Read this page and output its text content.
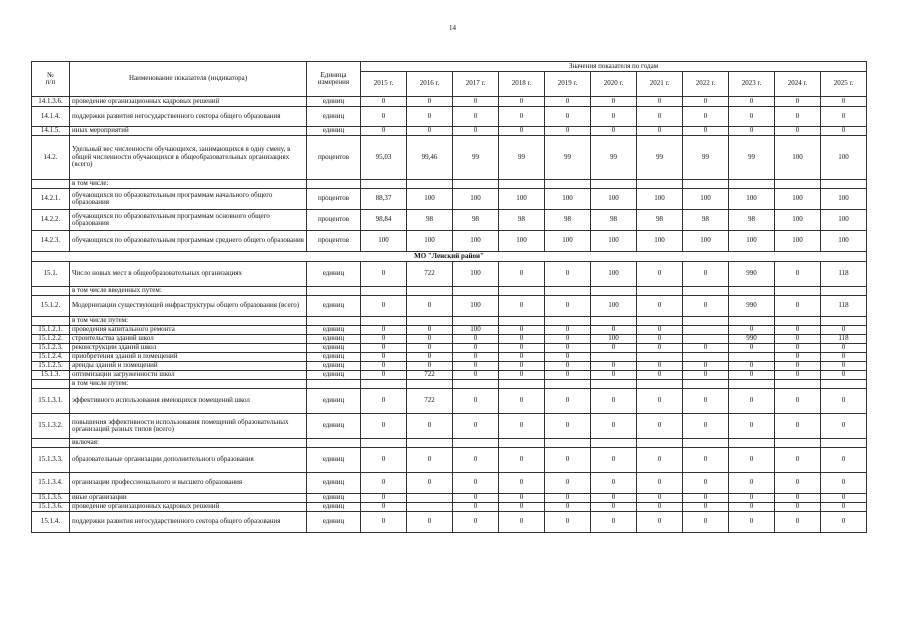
14
№
п/п	Наименование показателя (индикатора)	Единица
измерения	Значения показателя по годам										
			2015 г.	2016 г.	2017 г.	2018 г.	2019 г.	2020 г.	2021 г.	2022 г.	2023 г.	2024 г.	2025 г.
14.1.3.6.	проведение организационных кадровых решений	единиц	0	0	0	0	0	0	0	0	0	0	0
14.1.4.	поддержки развития негосударственного сектора общего образования	единиц	0	0	0	0	0	0	0	0	0	0	0
14.1.5.	иных мероприятий	единиц	0	0	0	0	0	0	0	0	0	0	0
14.2.	Удельный вес численности обучающихся, занимающихся в одну смену, в общей численности обучающихся в общеобразовательных организациях (всего)	процентов	95,03	99,46	99	99	99	99	99	99	99	100	100
	в том числе:												
14.2.1.	обучающихся по образовательным программам начального общего образования	процентов	88,37	100	100	100	100	100	100	100	100	100	100
14.2.2.	обучающихся по образовательным программам основного общего образования	процентов	98,84	98	98	98	98	98	98	98	98	100	100
14.2.3.	обучающихся по образовательным программам среднего общего образования	процентов	100	100	100	100	100	100	100	100	100	100	100
МО "Ленский район"													
15.1.	Число новых мест в общеобразовательных организациях	единиц	0	722	100	0	0	100	0	0	990	0	118
	в том числе введенных путем:												
15.1.2.	Модернизации существующей инфраструктуры общего образования (всего)	единиц	0	0	100	0	0	100	0	0	990	0	118
	в том числе путем:												
15.1.2.1.	проведения капитального ремонта	единиц	0	0	100	0	0	0	0		0	0	0
15.1.2.2.	строительства зданий школ	единиц	0	0	0	0	0	100	0		990	0	118
15.1.2.3.	реконструкции зданий школ	единиц	0	0	0	0	0	0	0	0	0	0	0
15.1.2.4.	приобретения зданий и помещений	единиц	0	0	0	0	0					0	0
15.1.2.5.	аренды зданий и помещений	единиц	0	0	0	0	0	0	0	0	0	0	0
15.1.3.	оптимизации загруженности школ	единиц	0	722	0	0	0	0	0	0	0	0	0
	в том числе путем:												
15.1.3.1.	эффективного использования имеющихся помещений школ	единиц	0	722	0	0	0	0	0	0	0	0	0
15.1.3.2.	повышения эффективности использования помещений образовательных организаций разных типов (всего)	единиц	0	0	0	0	0	0	0	0	0	0	0
	включая:												
15.1.3.3.	образовательные организации дополнительного образования	единиц	0	0	0	0	0	0	0	0	0	0	0
15.1.3.4.	организации профессионального и высшего образования	единиц	0	0	0	0	0	0	0	0	0	0	0
15.1.3.5.	иные организации	единиц	0		0	0	0	0	0	0	0	0	0
15.1.3.6.	проведение организационных кадровых решений	единиц	0		0	0	0	0	0	0	0	0	0
15.1.4.	поддержки развития негосударственного сектора общего образования	единиц	0	0	0	0	0	0	0	0	0	0	0
